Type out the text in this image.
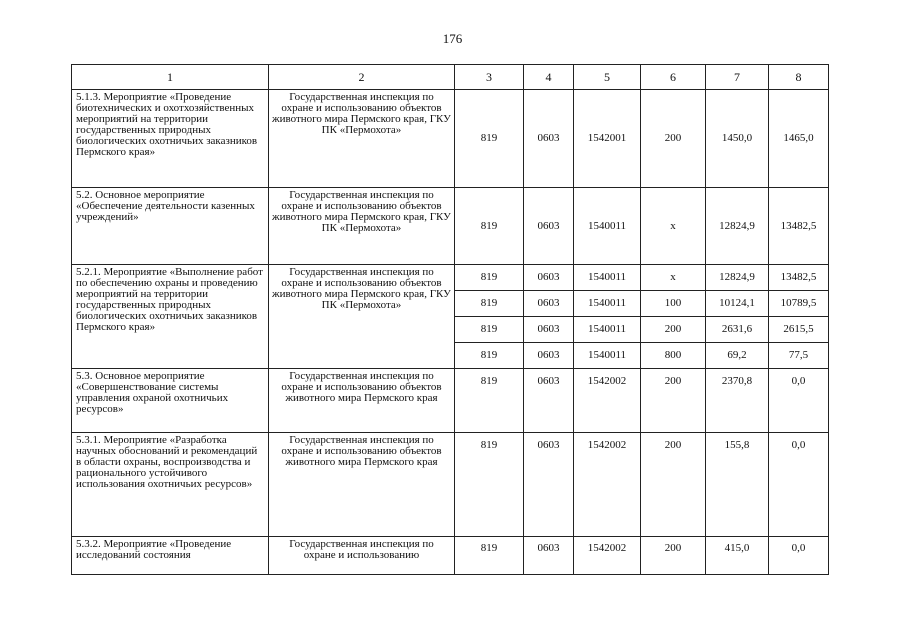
176
1	2	3	4	5	6	7	8
5.1.3. Мероприятие «Проведение биотехнических и охотхозяйственных мероприятий на территории государственных природных биологических охотничьих заказников Пермского края»	Государственная инспекция по охране и использованию объектов животного мира Пермского края, ГКУ ПК «Пермохота»	819	0603	1542001	200	1450,0	1465,0
5.2. Основное мероприятие «Обеспечение деятельности казенных учреждений»	Государственная инспекция по охране и использованию объектов животного мира Пермского края, ГКУ ПК «Пермохота»	819	0603	1540011	х	12824,9	13482,5
5.2.1. Мероприятие «Выполнение работ по обеспечению охраны и проведению мероприятий на территории государственных природных биологических охотничьих заказников Пермского края»	Государственная инспекция по охране и использованию объектов животного мира Пермского края, ГКУ ПК «Пермохота»	819	0603	1540011	х	12824,9	13482,5
		819	0603	1540011	100	10124,1	10789,5
		819	0603	1540011	200	2631,6	2615,5
		819	0603	1540011	800	69,2	77,5
5.3. Основное мероприятие «Совершенствование системы управления охраной охотничьих ресурсов»	Государственная инспекция по охране и использованию объектов животного мира Пермского края	819	0603	1542002	200	2370,8	0,0
5.3.1. Мероприятие «Разработка научных обоснований и рекомендаций в области охраны, воспроизводства и рационального устойчивого использования охотничьих ресурсов»	Государственная инспекция по охране и использованию объектов животного мира Пермского края	819	0603	1542002	200	155,8	0,0
5.3.2. Мероприятие «Проведение исследований состояния	Государственная инспекция по охране и использованию	819	0603	1542002	200	415,0	0,0
